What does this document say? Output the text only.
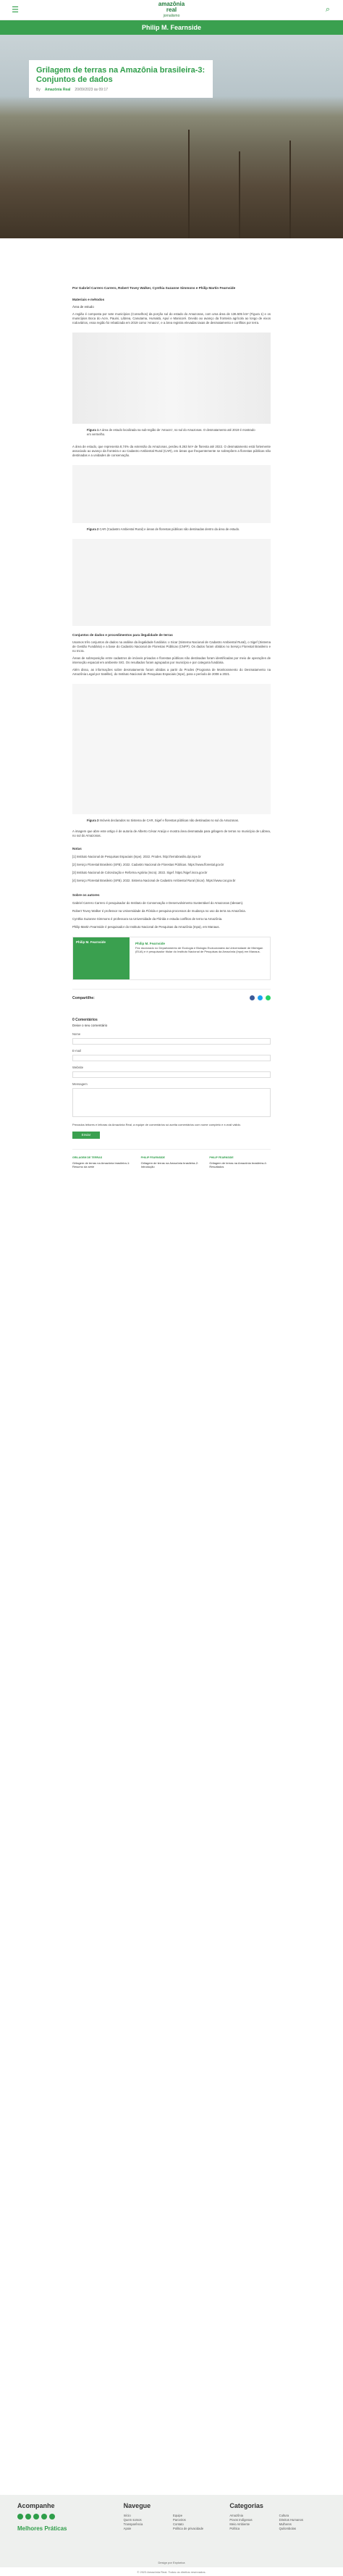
☰
amazônia
real
jornalismo
⌕
Philip M. Fearnside
Grilagem de terras na Amazônia brasileira-3: Conjuntos de dados
By Amazônia Real 20/09/2023 às 09:17
Por Gabriel Carrero Carrero, Robert Tovey Walker, Cynthia Suzanne Simmons e Philip Martin Fearnside
Materiais e métodos
Área de estudo
A região é composta por sete municípios (Conselhos) da porção sul do estado do Amazonas, com uma área de 136.505 km² (Figura 1) e os municípios Boca do Acre, Pauini, Lábrea, Canutama, Humaitá, Apuí e Manicoré. Devido ao avanço da fronteira agrícola ao longo de eixos rodoviários, essa região foi rebatizada em 2019 como 'Amacro', e a área registra elevadas taxas de desmatamento e conflitos por terra.
Figura 1 A área de estudo localizada na sub-região de 'Amacro', no sul do Amazonas. O desmatamento até 2019 é mostrado em vermelho.
A área de estudo, que representa 8,74% da extensão do Amazonas, perdeu 8.263 km² de floresta até 2022. O desmatamento está fortemente associado ao avanço da fronteira e ao Cadastro Ambiental Rural (CAR), em áreas que frequentemente se sobrepõem a florestas públicas não destinadas e a unidades de conservação.
Figura 2 CAR (Cadastro Ambiental Rural) e áreas de florestas públicas não destinadas dentro da área de estudo.
Conjuntos de dados e procedimentos para ilegalidade de terras
Usamos três conjuntos de dados na análise da ilegalidade fundiária: o Sicar (Sistema Nacional de Cadastro Ambiental Rural), o Sigef (Sistema de Gestão Fundiária) e a base do Cadastro Nacional de Florestas Públicas (CNFP). Os dados foram obtidos no Serviço Florestal Brasileiro e no Incra.
Áreas de sobreposição entre cadastros de imóveis privados e florestas públicas não destinadas foram identificadas por meio de operações de interseção espacial em ambiente SIG. Os resultados foram agrupados por município e por categoria fundiária.
Além disso, as informações sobre desmatamento foram obtidas a partir do Prodes (Programa de Monitoramento do Desmatamento na Amazônia Legal por Satélite), do Instituto Nacional de Pesquisas Espaciais (Inpe), para o período de 2008 a 2021.
Figura 3 Imóveis declarados no Sistema de CAR, Sigef e florestas públicas não destinadas no sul do Amazonas.
A imagem que abre este artigo é de autoria de Alberto César Araújo e mostra área desmatada para grilagem de terras no município de Lábrea, no sul do Amazonas.
Notas
[1] Instituto Nacional de Pesquisas Espaciais (Inpe). 2022. Prodes. http://terrabrasilis.dpi.inpe.br
[2] Serviço Florestal Brasileiro (SFB). 2022. Cadastro Nacional de Florestas Públicas. https://www.florestal.gov.br
[3] Instituto Nacional de Colonização e Reforma Agrária (Incra). 2022. Sigef. https://sigef.incra.gov.br
[4] Serviço Florestal Brasileiro (SFB). 2022. Sistema Nacional de Cadastro Ambiental Rural (Sicar). https://www.car.gov.br
Sobre os autores
Gabriel Carrero Carrero é pesquisador do Instituto de Conservação e Desenvolvimento Sustentável do Amazonas (Idesam).
Robert Tovey Walker é professor na Universidade da Flórida e pesquisa processos de mudança no uso da terra na Amazônia.
Cynthia Suzanne Simmons é professora na Universidade da Flórida e estuda conflitos de terra na Amazônia.
Philip Martin Fearnside é pesquisador do Instituto Nacional de Pesquisas da Amazônia (Inpa), em Manaus.
Philip M. Fearnside	Philip M. Fearnside
Fez doutorado no Departamento de Ecologia e Biologia Evolucionária da Universidade de Michigan (EUA) e é pesquisador titular do Instituto Nacional de Pesquisas da Amazônia (Inpa) em Manaus.
Compartilhe:
0 Comentários
Deixe o seu comentário
Nome
E-mail
Website
Mensagem
Prezados leitores e leitoras da Amazônia Real, a equipe de comentários só aceita comentários com nome completo e e-mail válido.
Enviar
GRILAGEM DE TERRAS
Grilagem de terras na Amazônia brasileira-1: Resumo da série
PHILIP FEARNSIDE
Grilagem de terras na Amazônia brasileira-2: Introdução
PHILIP FEARNSIDE
Grilagem de terras na Amazônia brasileira-4: Resultados
Acompanhe
Melhores Práticas
Navegue
Início
Quem somos
Transparência
Apoie
Equipe
Parceiros
Contato
Política de privacidade
Categorias
Amazônia
Povos Indígenas
Meio Ambiente
Política
Cultura
Direitos Humanos
Mulheres
Quilombolas
Design por Explorica
© 2023 Amazônia Real. Todos os direitos reservados.
